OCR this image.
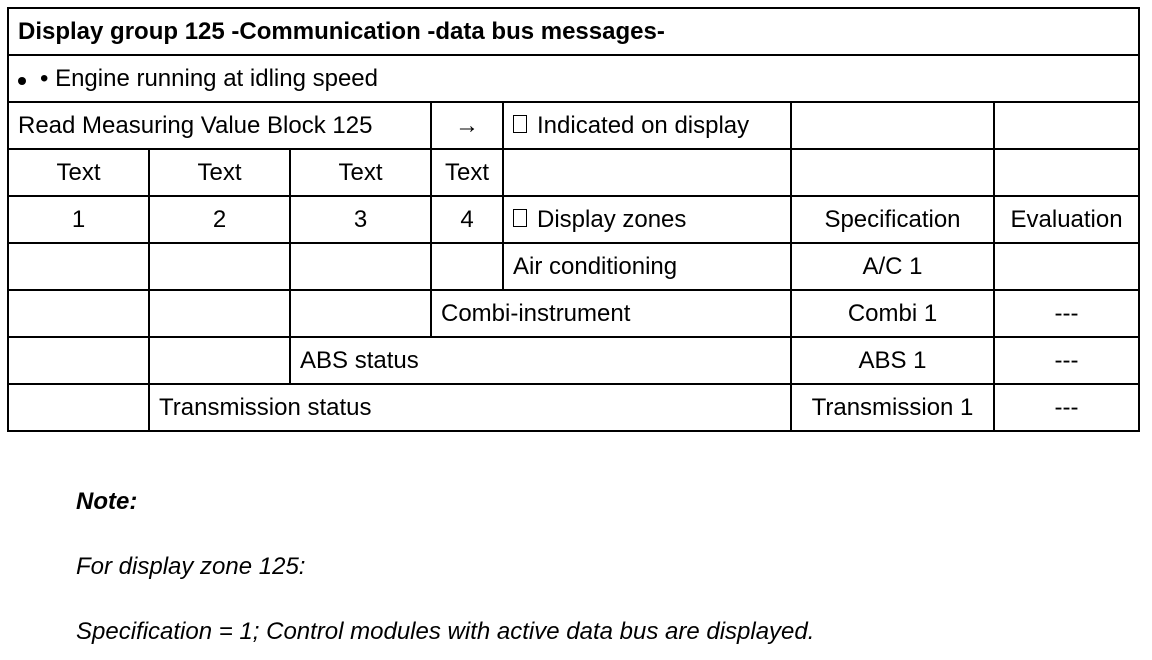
Display group 125 -Communication -data bus messages-						
• Engine running at idling speed						
Read Measuring Value Block 125			→	Indicated on display		
Text	Text	Text	Text			
1	2	3	4	Display zones	Specification	Evaluation
				Air conditioning	A/C 1	
			Combi-instrument		Combi 1	---
		ABS status			ABS 1	---
	Transmission status				Transmission 1	---
Note:
For display zone 125:
Specification = 1; Control modules with active data bus are displayed.
